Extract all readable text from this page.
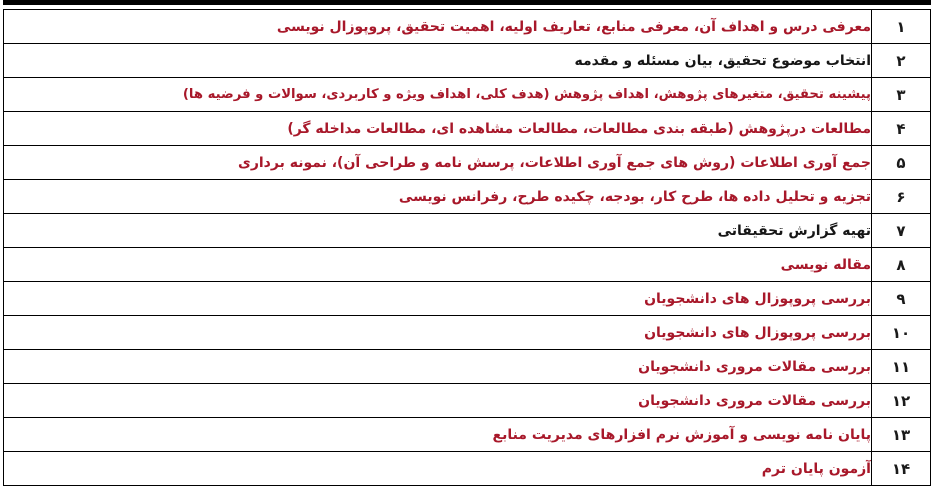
۱	معرفی درس و اهداف آن، معرفی منابع، تعاریف اولیه، اهمیت تحقیق، پروپوزال نویسی
۲	انتخاب موضوع تحقیق، بیان مسئله و مقدمه
۳	پیشینه تحقیق، متغیرهای پژوهش، اهداف پژوهش (هدف کلی، اهداف ویژه و کاربردی، سوالات و فرضیه ها)
۴	مطالعات درپژوهش (طبقه بندی مطالعات، مطالعات مشاهده ای، مطالعات مداخله گر)
۵	جمع آوری اطلاعات (روش های جمع آوری اطلاعات، پرسش نامه و طراحی آن)، نمونه برداری
۶	تجزیه و تحلیل داده ها، طرح کار، بودجه، چکیده طرح، رفرانس نویسی
۷	تهیه گزارش تحقیقاتی
۸	مقاله نویسی
۹	بررسی پروپوزال های دانشجویان
۱۰	بررسی پروپوزال های دانشجویان
۱۱	بررسی مقالات مروری دانشجویان
۱۲	بررسی مقالات مروری دانشجویان
۱۳	پایان نامه نویسی و آموزش نرم افزارهای مدیریت منابع
۱۴	آزمون پایان ترم
